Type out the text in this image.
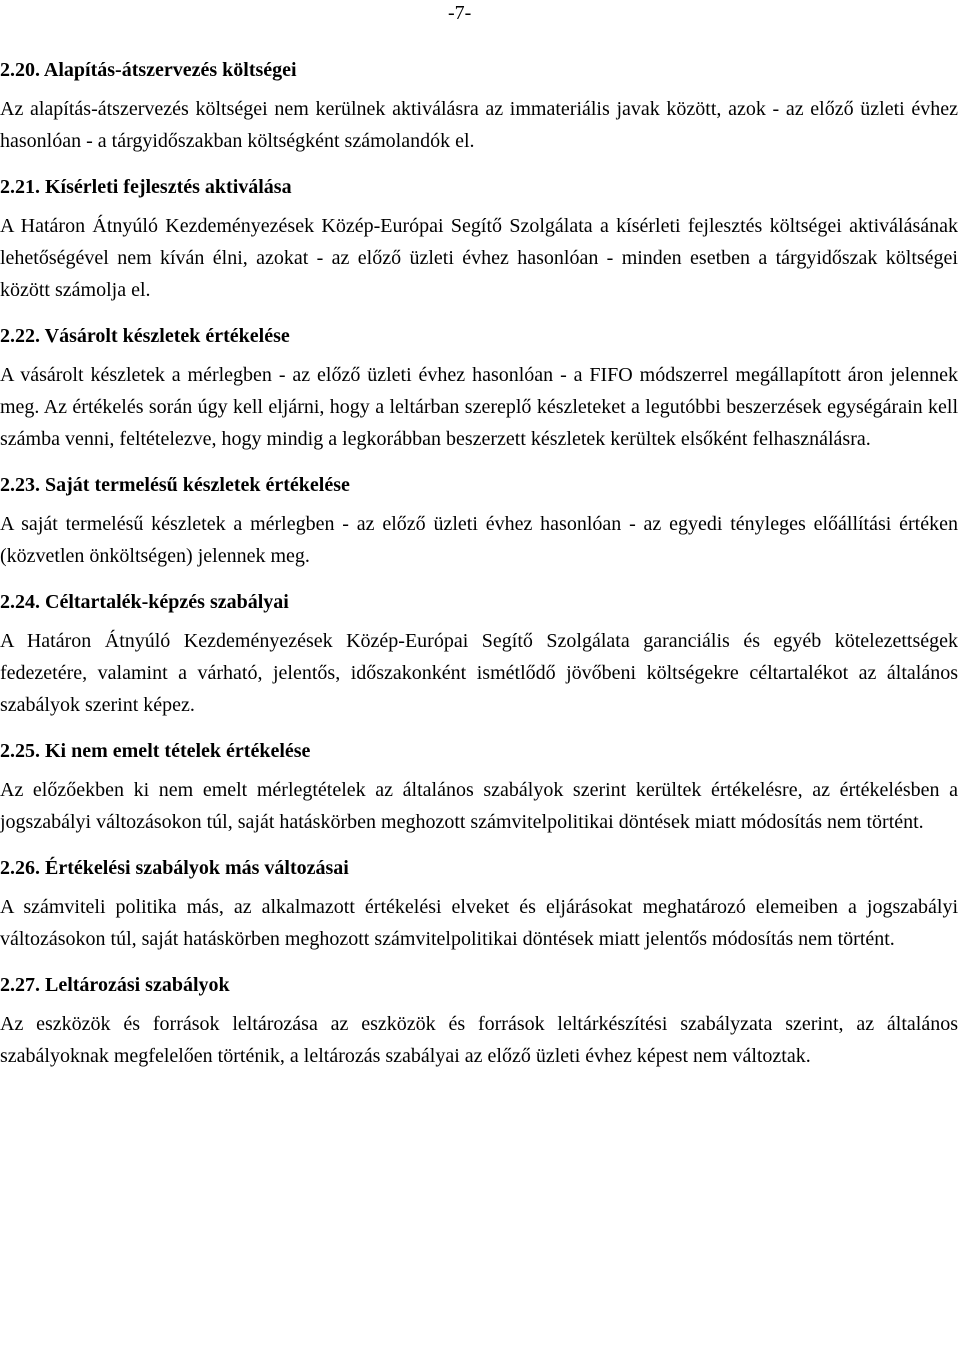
-7-
2.20. Alapítás-átszervezés költségei

Az alapítás-átszervezés költségei nem kerülnek aktiválásra az immateriális javak között, azok - az előző üzleti évhez hasonlóan - a tárgyidőszakban költségként számolandók el.

2.21. Kísérleti fejlesztés aktiválása

A Határon Átnyúló Kezdeményezések Közép-Európai Segítő Szolgálata a kísérleti fejlesztés költségei aktiválásának lehetőségével nem kíván élni, azokat - az előző üzleti évhez hasonlóan - minden esetben a tárgyidőszak költségei között számolja el.

2.22. Vásárolt készletek értékelése

A vásárolt készletek a mérlegben - az előző üzleti évhez hasonlóan - a FIFO módszerrel megállapított áron jelennek meg. Az értékelés során úgy kell eljárni, hogy a leltárban szereplő készleteket a legutóbbi beszerzések egységárain kell számba venni, feltételezve, hogy mindig a legkorábban beszerzett készletek kerültek elsőként felhasználásra.

2.23. Saját termelésű készletek értékelése

A saját termelésű készletek a mérlegben - az előző üzleti évhez hasonlóan - az egyedi tényleges előállítási értéken (közvetlen önköltségen) jelennek meg.

2.24. Céltartalék-képzés szabályai

A Határon Átnyúló Kezdeményezések Közép-Európai Segítő Szolgálata garanciális és egyéb kötelezettségek fedezetére, valamint a várható, jelentős, időszakonként ismétlődő jövőbeni költségekre céltartalékot az általános szabályok szerint képez.

2.25. Ki nem emelt tételek értékelése

Az előzőekben ki nem emelt mérlegtételek az általános szabályok szerint kerültek értékelésre, az értékelésben a jogszabályi változásokon túl, saját hatáskörben meghozott számvitelpolitikai döntések miatt módosítás nem történt.

2.26. Értékelési szabályok más változásai

A számviteli politika más, az alkalmazott értékelési elveket és eljárásokat meghatározó elemeiben a jogszabályi változásokon túl, saját hatáskörben meghozott számvitelpolitikai döntések miatt jelentős módosítás nem történt.

2.27. Leltározási szabályok

Az eszközök és források leltározása az eszközök és források leltárkészítési szabályzata szerint, az általános szabályoknak megfelelően történik, a leltározás szabályai az előző üzleti évhez képest nem változtak.
